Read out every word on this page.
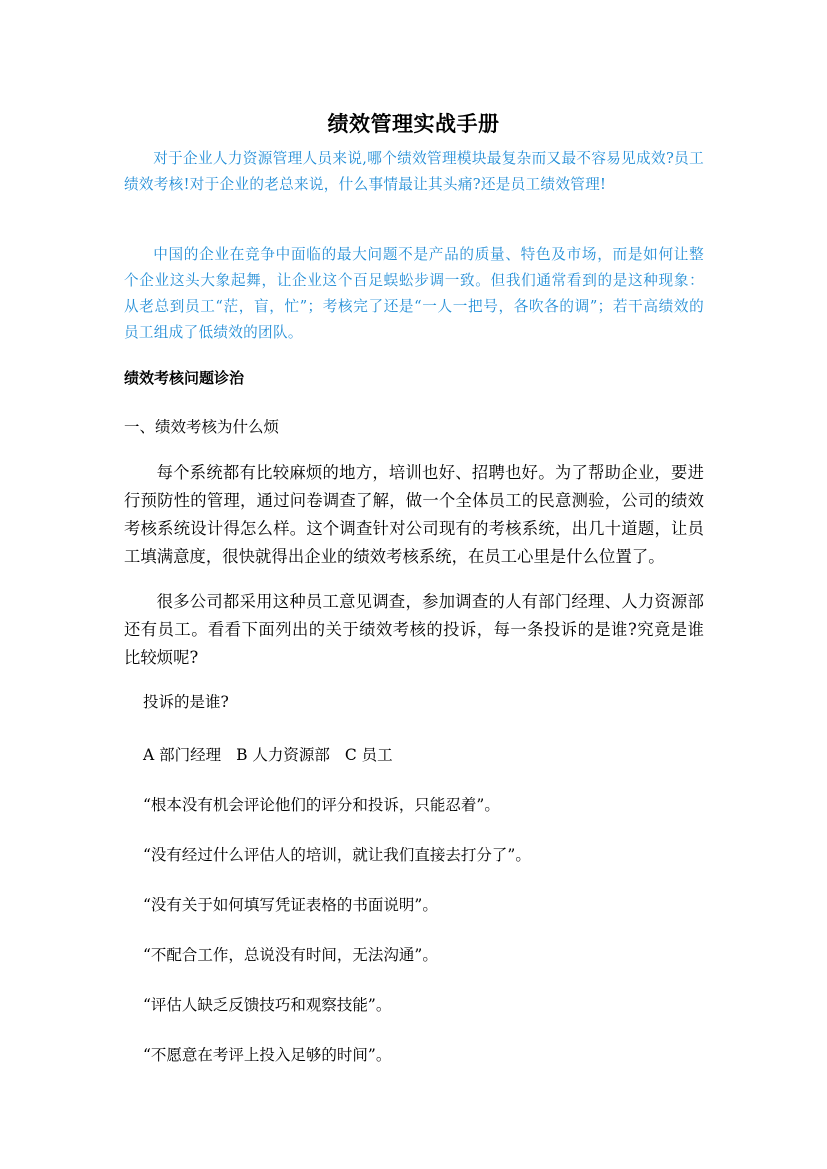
绩效管理实战手册

对于企业人力资源管理人员来说,哪个绩效管理模块最复杂而又最不容易见成效?员工绩效考核!对于企业的老总来说，什么事情最让其头痛?还是员工绩效管理!

中国的企业在竞争中面临的最大问题不是产品的质量、特色及市场，而是如何让整个企业这头大象起舞，让企业这个百足蜈蚣步调一致。但我们通常看到的是这种现象：从老总到员工“茫，盲，忙”；考核完了还是“一人一把号，各吹各的调”；若干高绩效的员工组成了低绩效的团队。

绩效考核问题诊治
一、绩效考核为什么烦

每个系统都有比较麻烦的地方，培训也好、招聘也好。为了帮助企业，要进行预防性的管理，通过问卷调查了解，做一个全体员工的民意测验，公司的绩效考核系统设计得怎么样。这个调查针对公司现有的考核系统，出几十道题，让员工填满意度，很快就得出企业的绩效考核系统，在员工心里是什么位置了。

很多公司都采用这种员工意见调查，参加调查的人有部门经理、人力资源部还有员工。看看下面列出的关于绩效考核的投诉，每一条投诉的是谁?究竟是谁比较烦呢?

投诉的是谁?
A 部门经理 B 人力资源部 C 员工
“根本没有机会评论他们的评分和投诉，只能忍着”。
“没有经过什么评估人的培训，就让我们直接去打分了”。
“没有关于如何填写凭证表格的书面说明”。
“不配合工作，总说没有时间，无法沟通”。
“评估人缺乏反馈技巧和观察技能”。
“不愿意在考评上投入足够的时间”。
